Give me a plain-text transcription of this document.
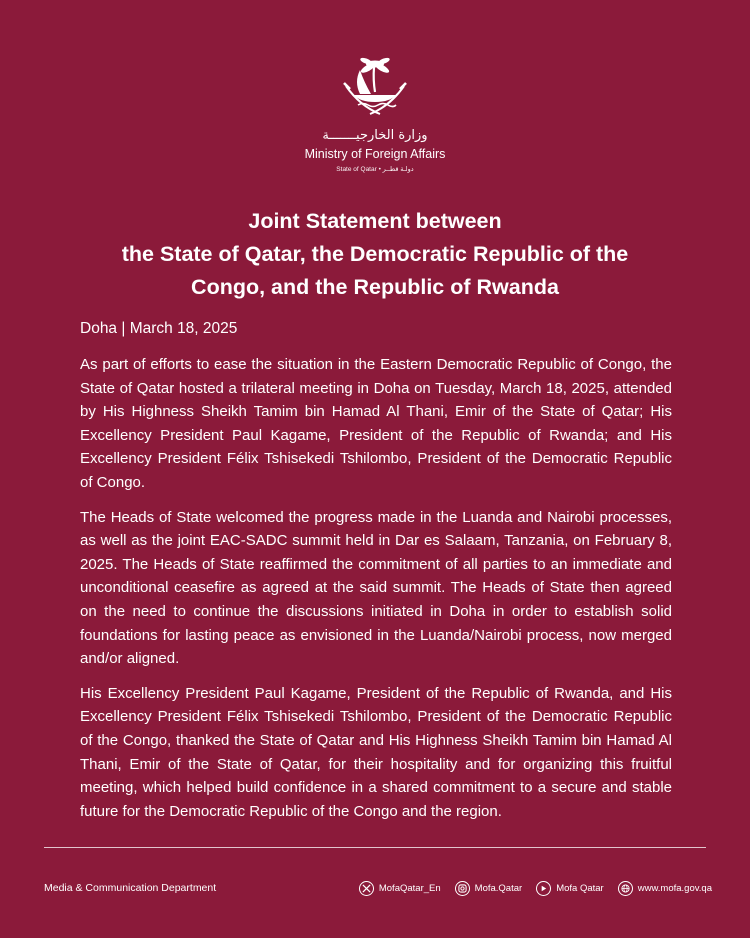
وزارة الخارجيـــــــة
Ministry of Foreign Affairs
State of Qatar • دولـة قطــر
Joint Statement between
the State of Qatar, the Democratic Republic of the
Congo, and the Republic of Rwanda
Doha | March 18, 2025

As part of efforts to ease the situation in the Eastern Democratic Republic of Congo, the State of Qatar hosted a trilateral meeting in Doha on Tuesday, March 18, 2025, attended by His Highness Sheikh Tamim bin Hamad Al Thani, Emir of the State of Qatar; His Excellency President Paul Kagame, President of the Republic of Rwanda; and His Excellency President Félix Tshisekedi Tshilombo, President of the Democratic Republic of Congo.

The Heads of State welcomed the progress made in the Luanda and Nairobi processes, as well as the joint EAC-SADC summit held in Dar es Salaam, Tanzania, on February 8, 2025. The Heads of State reaffirmed the commitment of all parties to an immediate and unconditional ceasefire as agreed at the said summit. The Heads of State then agreed on the need to continue the discussions initiated in Doha in order to establish solid foundations for lasting peace as envisioned in the Luanda/Nairobi process, now merged and/or aligned.

His Excellency President Paul Kagame, President of the Republic of Rwanda, and His Excellency President Félix Tshisekedi Tshilombo, President of the Democratic Republic of the Congo, thanked the State of Qatar and His Highness Sheikh Tamim bin Hamad Al Thani, Emir of the State of Qatar, for their hospitality and for organizing this fruitful meeting, which helped build confidence in a shared commitment to a secure and stable future for the Democratic Republic of the Congo and the region.

Media & Communication Department	MofaQatar_En	Mofa.Qatar	Mofa Qatar	www.mofa.gov.qa
